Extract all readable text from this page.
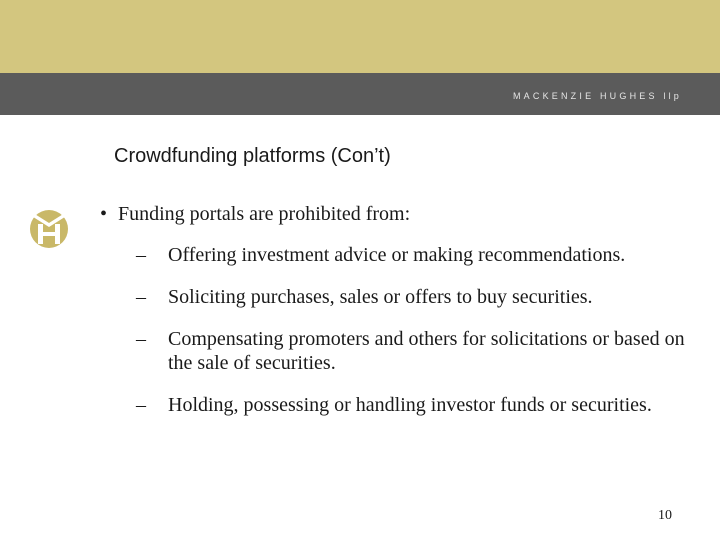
MACKENZIE HUGHES llp
Crowdfunding platforms (Con’t)
• Funding portals are prohibited from:
– Offering investment advice or making recommendations.
– Soliciting purchases, sales or offers to buy securities.
– Compensating promoters and others for solicitations or based on the sale of securities.
– Holding, possessing or handling investor funds or securities.
10
